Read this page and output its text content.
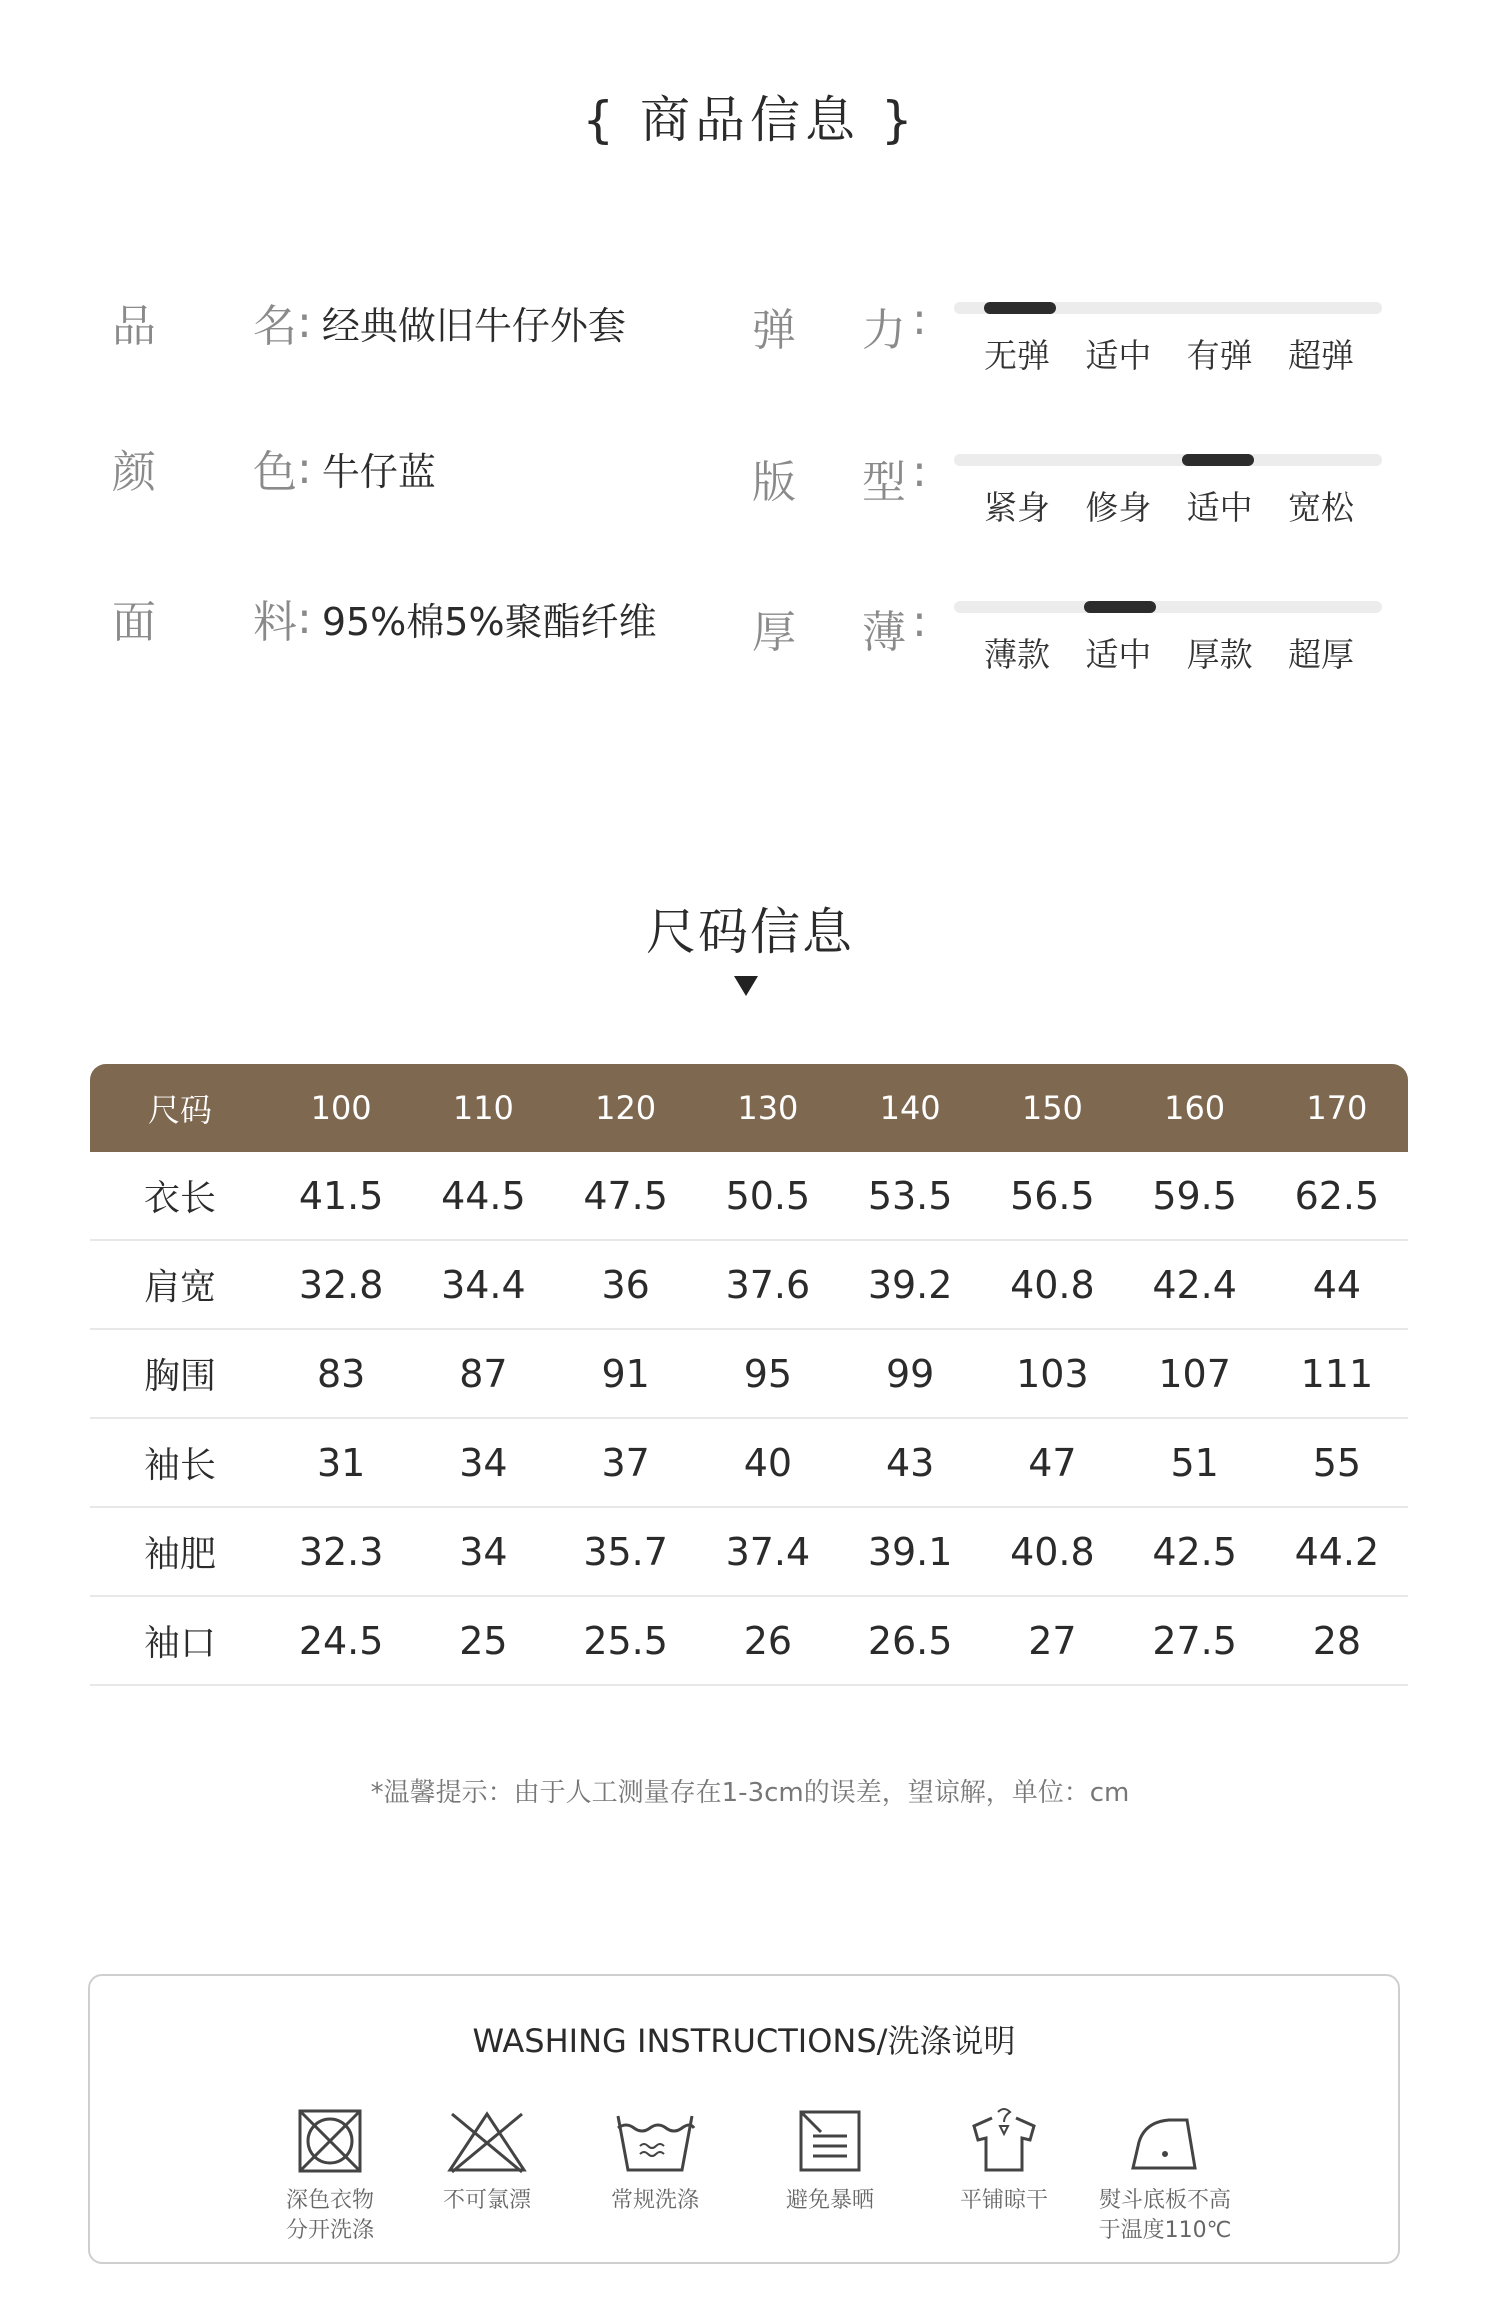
{ 商品信息 }
品 名 : 经典做旧牛仔外套
颜 色 : 牛仔蓝
面 料 : 95%棉5%聚酯纤维
弹 力 :
无弹 适中 有弹 超弹
版 型 :
紧身 修身 适中 宽松
厚 薄 :
薄款 适中 厚款 超厚
尺码信息
尺码	100	110	120	130	140	150	160	170
衣长	41.5	44.5	47.5	50.5	53.5	56.5	59.5	62.5
肩宽	32.8	34.4	36	37.6	39.2	40.8	42.4	44
胸围	83	87	91	95	99	103	107	111
袖长	31	34	37	40	43	47	51	55
袖肥	32.3	34	35.7	37.4	39.1	40.8	42.5	44.2
袖口	24.5	25	25.5	26	26.5	27	27.5	28
*温馨提示：由于人工测量存在1-3cm的误差，望谅解，单位：cm
WASHING INSTRUCTIONS/洗涤说明
深色衣物
分开洗涤
不可氯漂	常规洗涤	避免暴晒	平铺晾干	熨斗底板不高
于温度110℃
